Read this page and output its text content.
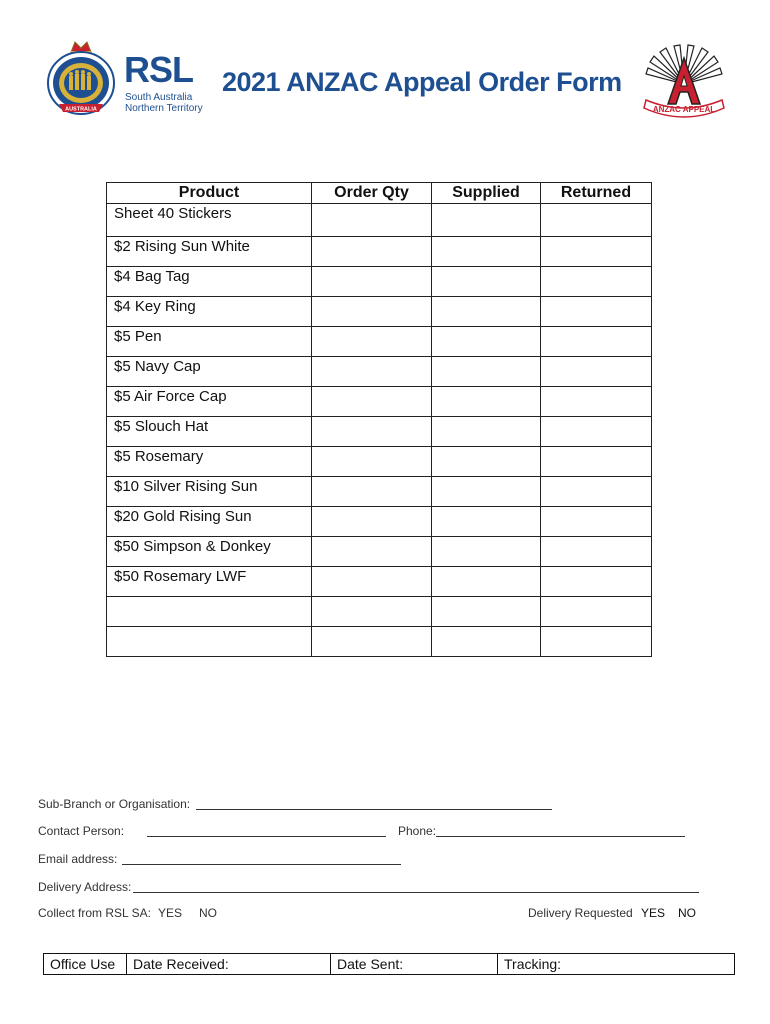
AUSTRALIA
RSL
South Australia
Northern Territory
2021 ANZAC Appeal Order Form
ANZAC APPEAL
Product	Order Qty	Supplied	Returned
Sheet 40 Stickers			
$2 Rising Sun White			
$4 Bag Tag			
$4 Key Ring			
$5 Pen			
$5 Navy Cap			
$5 Air Force Cap			
$5 Slouch Hat			
$5 Rosemary			
$10 Silver Rising Sun			
$20 Gold Rising Sun			
$50 Simpson & Donkey			
$50 Rosemary LWF			

Sub-Branch or Organisation:
Contact Person:	Phone:
Email address:
Delivery Address:
Collect from RSL SA: YES NO	Delivery Requested YES NO
Office Use	Date Received:	Date Sent:	Tracking:
